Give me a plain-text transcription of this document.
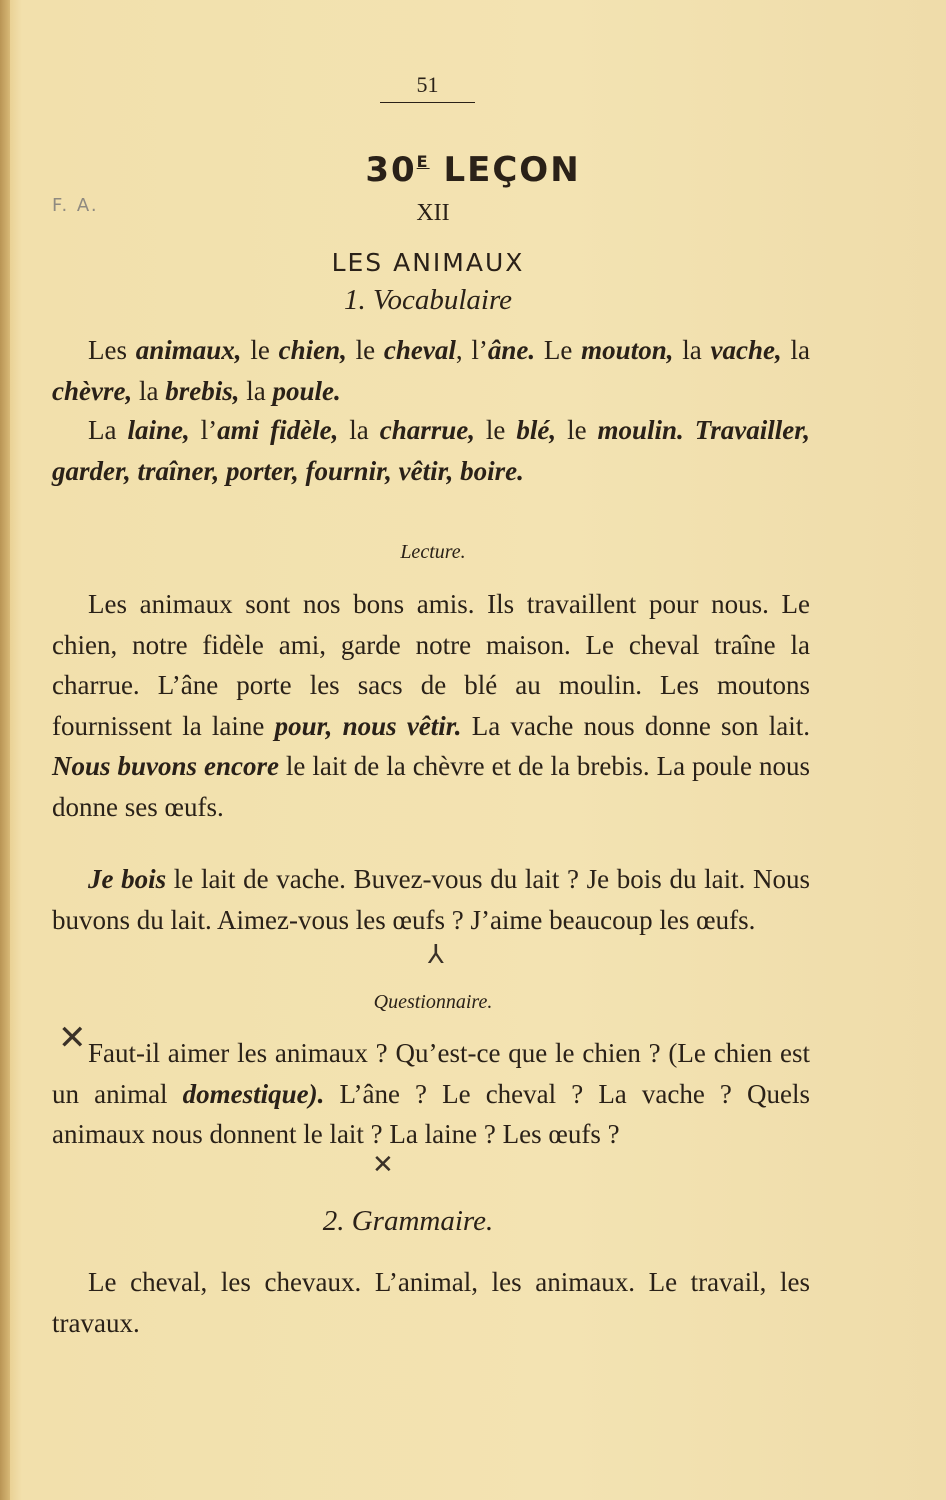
51
F. A.
$30^E$ LEÇON
XII
LES ANIMAUX
1. Vocabulaire

Les animaux, le chien, le cheval, l’âne. Le mouton, la vache, la chèvre, la brebis, la poule.

La laine, l’ami fidèle, la charrue, le blé, le moulin. Travailler, garder, traîner, porter, fournir, vêtir, boire.

Lecture.

Les animaux sont nos bons amis. Ils travaillent pour nous. Le chien, notre fidèle ami, garde notre maison. Le cheval traîne la charrue. L’âne porte les sacs de blé au moulin. Les moutons fournissent la laine pour, nous vêtir. La vache nous donne son lait. Nous buvons encore le lait de la chèvre et de la brebis. La poule nous donne ses œufs.

Je bois le lait de vache. Buvez-vous du lait ? Je bois du lait. Nous buvons du lait. Aimez-vous les œufs ? J’aime beaucoup les œufs.

Questionnaire.

Faut-il aimer les animaux ? Qu’est-ce que le chien ? (Le chien est un animal domestique). L’âne ? Le cheval ? La vache ? Quels animaux nous donnent le lait ? La laine ? Les œufs ?

2. Grammaire.

Le cheval, les chevaux. L’animal, les animaux. Le travail, les travaux.

✕
⅄
✕
